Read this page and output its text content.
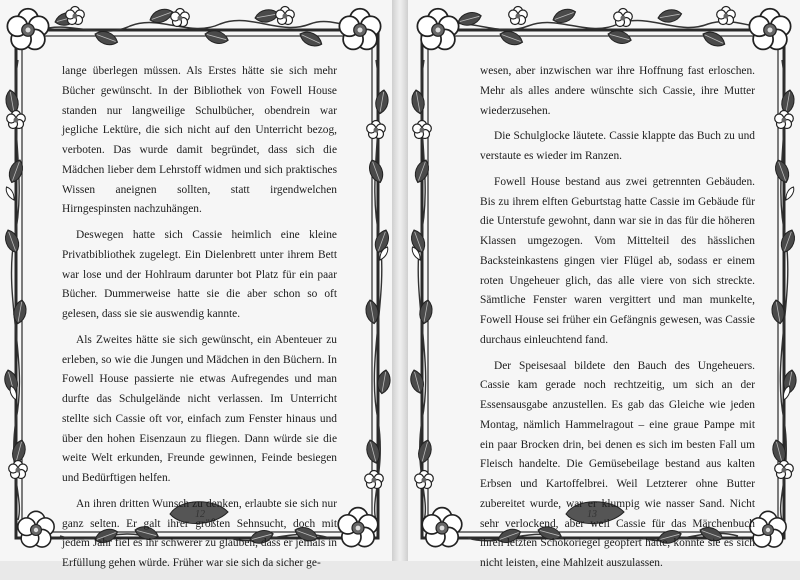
lange überlegen müssen. Als Erstes hätte sie sich mehr Bücher gewünscht. In der Bibliothek von Fowell House standen nur langweilige Schulbücher, obendrein war jegliche Lektüre, die sich nicht auf den Unterricht bezog, verboten. Das wurde damit begründet, dass sich die Mädchen lieber dem Lehrstoff widmen und sich praktisches Wissen aneignen sollten, statt irgendwelchen Hirngespinsten nachzuhängen.

Deswegen hatte sich Cassie heimlich eine kleine Privatbibliothek zugelegt. Ein Dielenbrett unter ihrem Bett war lose und der Hohlraum darunter bot Platz für ein paar Bücher. Dummerweise hatte sie die aber schon so oft gelesen, dass sie sie auswendig kannte.

Als Zweites hätte sie sich gewünscht, ein Abenteuer zu erleben, so wie die Jungen und Mädchen in den Büchern. In Fowell House passierte nie etwas Aufregendes und man durfte das Schulgelände nicht verlassen. Im Unterricht stellte sich Cassie oft vor, einfach zum Fenster hinaus und über den hohen Eisenzaun zu fliegen. Dann würde sie die weite Welt erkunden, Freunde gewinnen, Feinde besiegen und Bedürftigen helfen.

An ihren dritten Wunsch zu denken, erlaubte sie sich nur ganz selten. Er galt ihrer größten Sehnsucht, doch mit jedem Jahr fiel es ihr schwerer zu glauben, dass er jemals in Erfüllung gehen würde. Früher war sie sich da sicher ge-

12

wesen, aber inzwischen war ihre Hoffnung fast erloschen. Mehr als alles andere wünschte sich Cassie, ihre Mutter wiederzusehen.

Die Schulglocke läutete. Cassie klappte das Buch zu und verstaute es wieder im Ranzen.

Fowell House bestand aus zwei getrennten Gebäuden. Bis zu ihrem elften Geburtstag hatte Cassie im Gebäude für die Unterstufe gewohnt, dann war sie in das für die höheren Klassen umgezogen. Vom Mittelteil des hässlichen Backsteinkastens gingen vier Flügel ab, sodass er einem roten Ungeheuer glich, das alle viere von sich streckte. Sämtliche Fenster waren vergittert und man munkelte, Fowell House sei früher ein Gefängnis gewesen, was Cassie durchaus einleuchtend fand.

Der Speisesaal bildete den Bauch des Ungeheuers. Cassie kam gerade noch rechtzeitig, um sich an der Essensausgabe anzustellen. Es gab das Gleiche wie jeden Montag, nämlich Hammelragout – eine graue Pampe mit ein paar Brocken drin, bei denen es sich im besten Fall um Fleisch handelte. Die Gemüsebeilage bestand aus kalten Erbsen und Kartoffelbrei. Weil Letzterer ohne Butter zubereitet wurde, war er klumpig wie nasser Sand. Nicht sehr verlockend, aber weil Cassie für das Märchenbuch ihren letzten Schokoriegel geopfert hatte, konnte sie es sich nicht leisten, eine Mahlzeit auszulassen.

13
